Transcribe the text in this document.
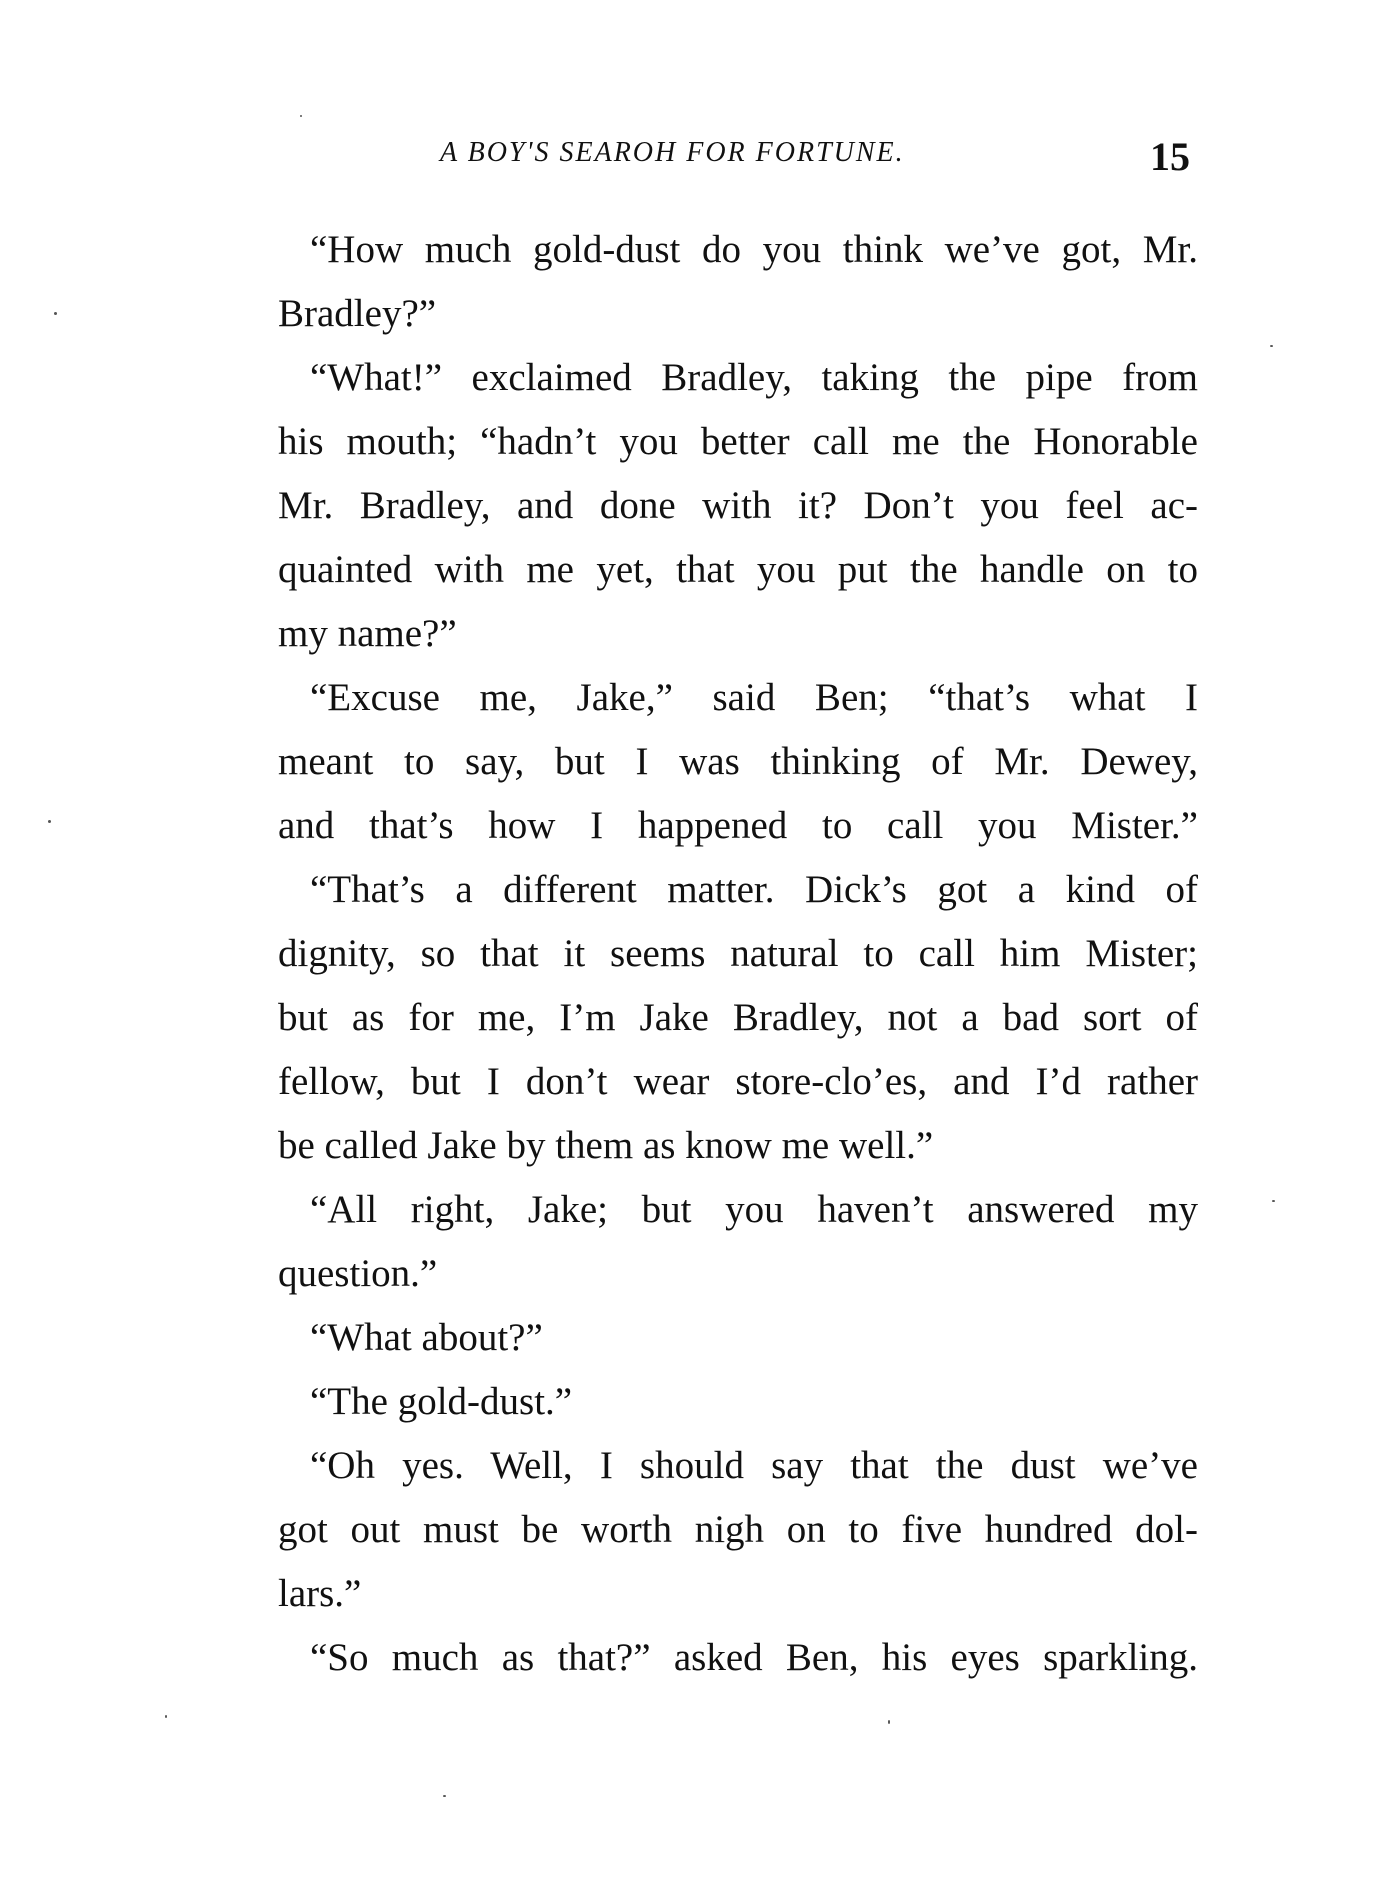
A BOY'S SEAROH FOR FORTUNE.	15
“How much gold-dust do you think we’ve got, Mr.
Bradley?”
“What!” exclaimed Bradley, taking the pipe from
his mouth; “hadn’t you better call me the Honorable
Mr. Bradley, and done with it? Don’t you feel ac-
quainted with me yet, that you put the handle on to
my name?”
“Excuse me, Jake,” said Ben; “that’s what I
meant to say, but I was thinking of Mr. Dewey,
and that’s how I happened to call you Mister.”
“That’s a different matter. Dick’s got a kind of
dignity, so that it seems natural to call him Mister;
but as for me, I’m Jake Bradley, not a bad sort of
fellow, but I don’t wear store-clo’es, and I’d rather
be called Jake by them as know me well.”
“All right, Jake; but you haven’t answered my
question.”
“What about?”
“The gold-dust.”
“Oh yes. Well, I should say that the dust we’ve
got out must be worth nigh on to five hundred dol-
lars.”
“So much as that?” asked Ben, his eyes sparkling.
